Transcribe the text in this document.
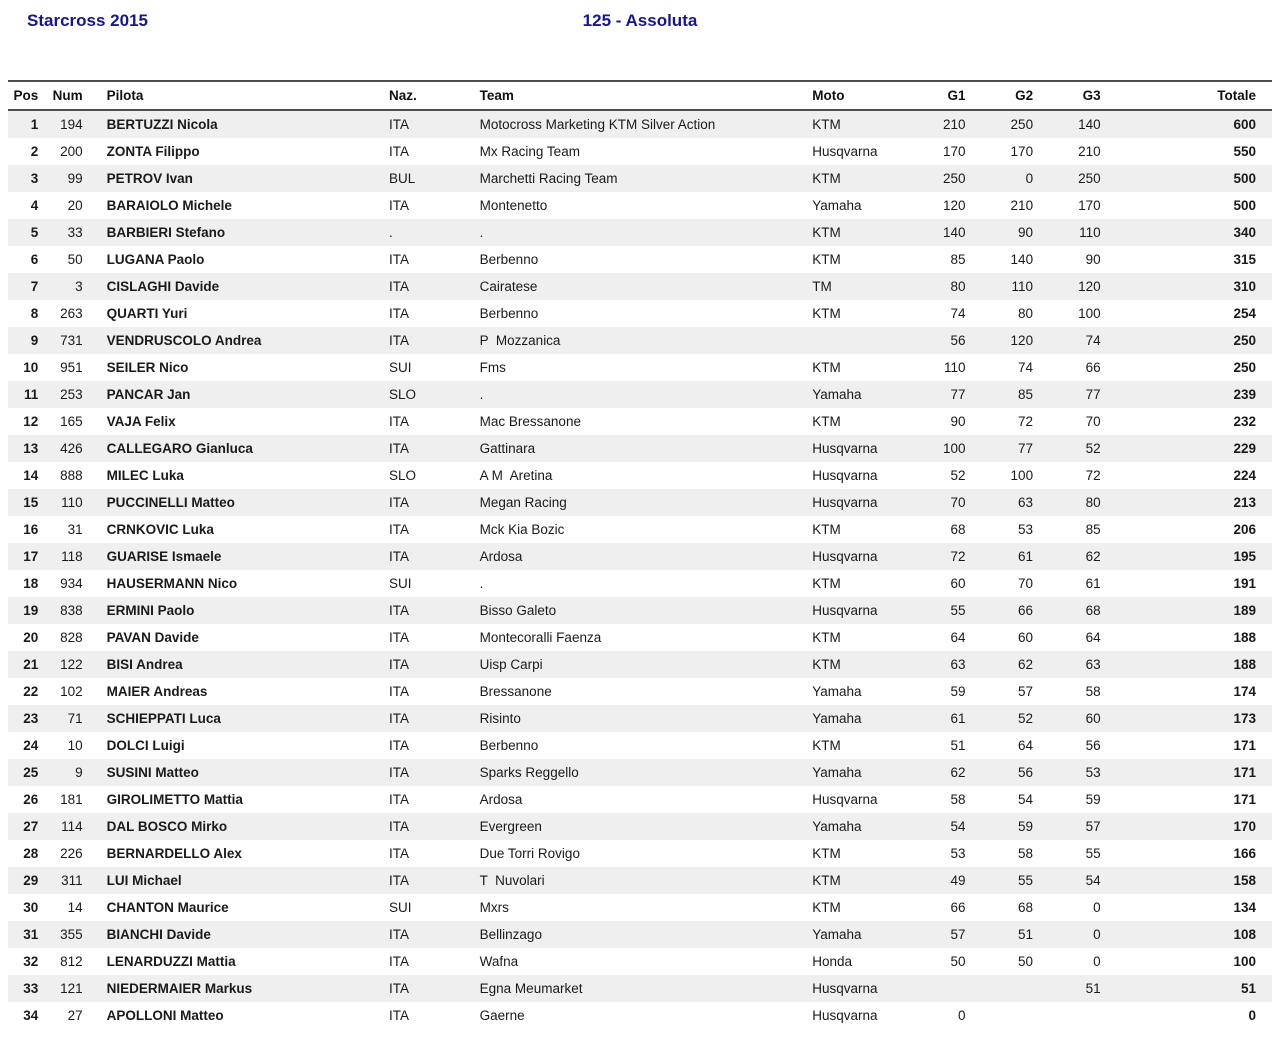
Starcross 2015	125 - Assoluta
Pos	Num	Pilota	Naz.	Team	Moto	G1	G2	G3	Totale
1	194	BERTUZZI Nicola	ITA	Motocross Marketing KTM Silver Action	KTM	210	250	140	600
2	200	ZONTA Filippo	ITA	Mx Racing Team	Husqvarna	170	170	210	550
3	99	PETROV Ivan	BUL	Marchetti Racing Team	KTM	250	0	250	500
4	20	BARAIOLO Michele	ITA	Montenetto	Yamaha	120	210	170	500
5	33	BARBIERI Stefano	.	.	KTM	140	90	110	340
6	50	LUGANA Paolo	ITA	Berbenno	KTM	85	140	90	315
7	3	CISLAGHI Davide	ITA	Cairatese	TM	80	110	120	310
8	263	QUARTI Yuri	ITA	Berbenno	KTM	74	80	100	254
9	731	VENDRUSCOLO Andrea	ITA	P  Mozzanica		56	120	74	250
10	951	SEILER Nico	SUI	Fms	KTM	110	74	66	250
11	253	PANCAR Jan	SLO	.	Yamaha	77	85	77	239
12	165	VAJA Felix	ITA	Mac Bressanone	KTM	90	72	70	232
13	426	CALLEGARO Gianluca	ITA	Gattinara	Husqvarna	100	77	52	229
14	888	MILEC Luka	SLO	A M  Aretina	Husqvarna	52	100	72	224
15	110	PUCCINELLI Matteo	ITA	Megan Racing	Husqvarna	70	63	80	213
16	31	CRNKOVIC Luka	ITA	Mck Kia Bozic	KTM	68	53	85	206
17	118	GUARISE Ismaele	ITA	Ardosa	Husqvarna	72	61	62	195
18	934	HAUSERMANN Nico	SUI	.	KTM	60	70	61	191
19	838	ERMINI Paolo	ITA	Bisso Galeto	Husqvarna	55	66	68	189
20	828	PAVAN Davide	ITA	Montecoralli Faenza	KTM	64	60	64	188
21	122	BISI Andrea	ITA	Uisp Carpi	KTM	63	62	63	188
22	102	MAIER Andreas	ITA	Bressanone	Yamaha	59	57	58	174
23	71	SCHIEPPATI Luca	ITA	Risinto	Yamaha	61	52	60	173
24	10	DOLCI Luigi	ITA	Berbenno	KTM	51	64	56	171
25	9	SUSINI Matteo	ITA	Sparks Reggello	Yamaha	62	56	53	171
26	181	GIROLIMETTO Mattia	ITA	Ardosa	Husqvarna	58	54	59	171
27	114	DAL BOSCO Mirko	ITA	Evergreen	Yamaha	54	59	57	170
28	226	BERNARDELLO Alex	ITA	Due Torri Rovigo	KTM	53	58	55	166
29	311	LUI Michael	ITA	T  Nuvolari	KTM	49	55	54	158
30	14	CHANTON Maurice	SUI	Mxrs	KTM	66	68	0	134
31	355	BIANCHI Davide	ITA	Bellinzago	Yamaha	57	51	0	108
32	812	LENARDUZZI Mattia	ITA	Wafna	Honda	50	50	0	100
33	121	NIEDERMAIER Markus	ITA	Egna Meumarket	Husqvarna			51	51
34	27	APOLLONI Matteo	ITA	Gaerne	Husqvarna	0			0
